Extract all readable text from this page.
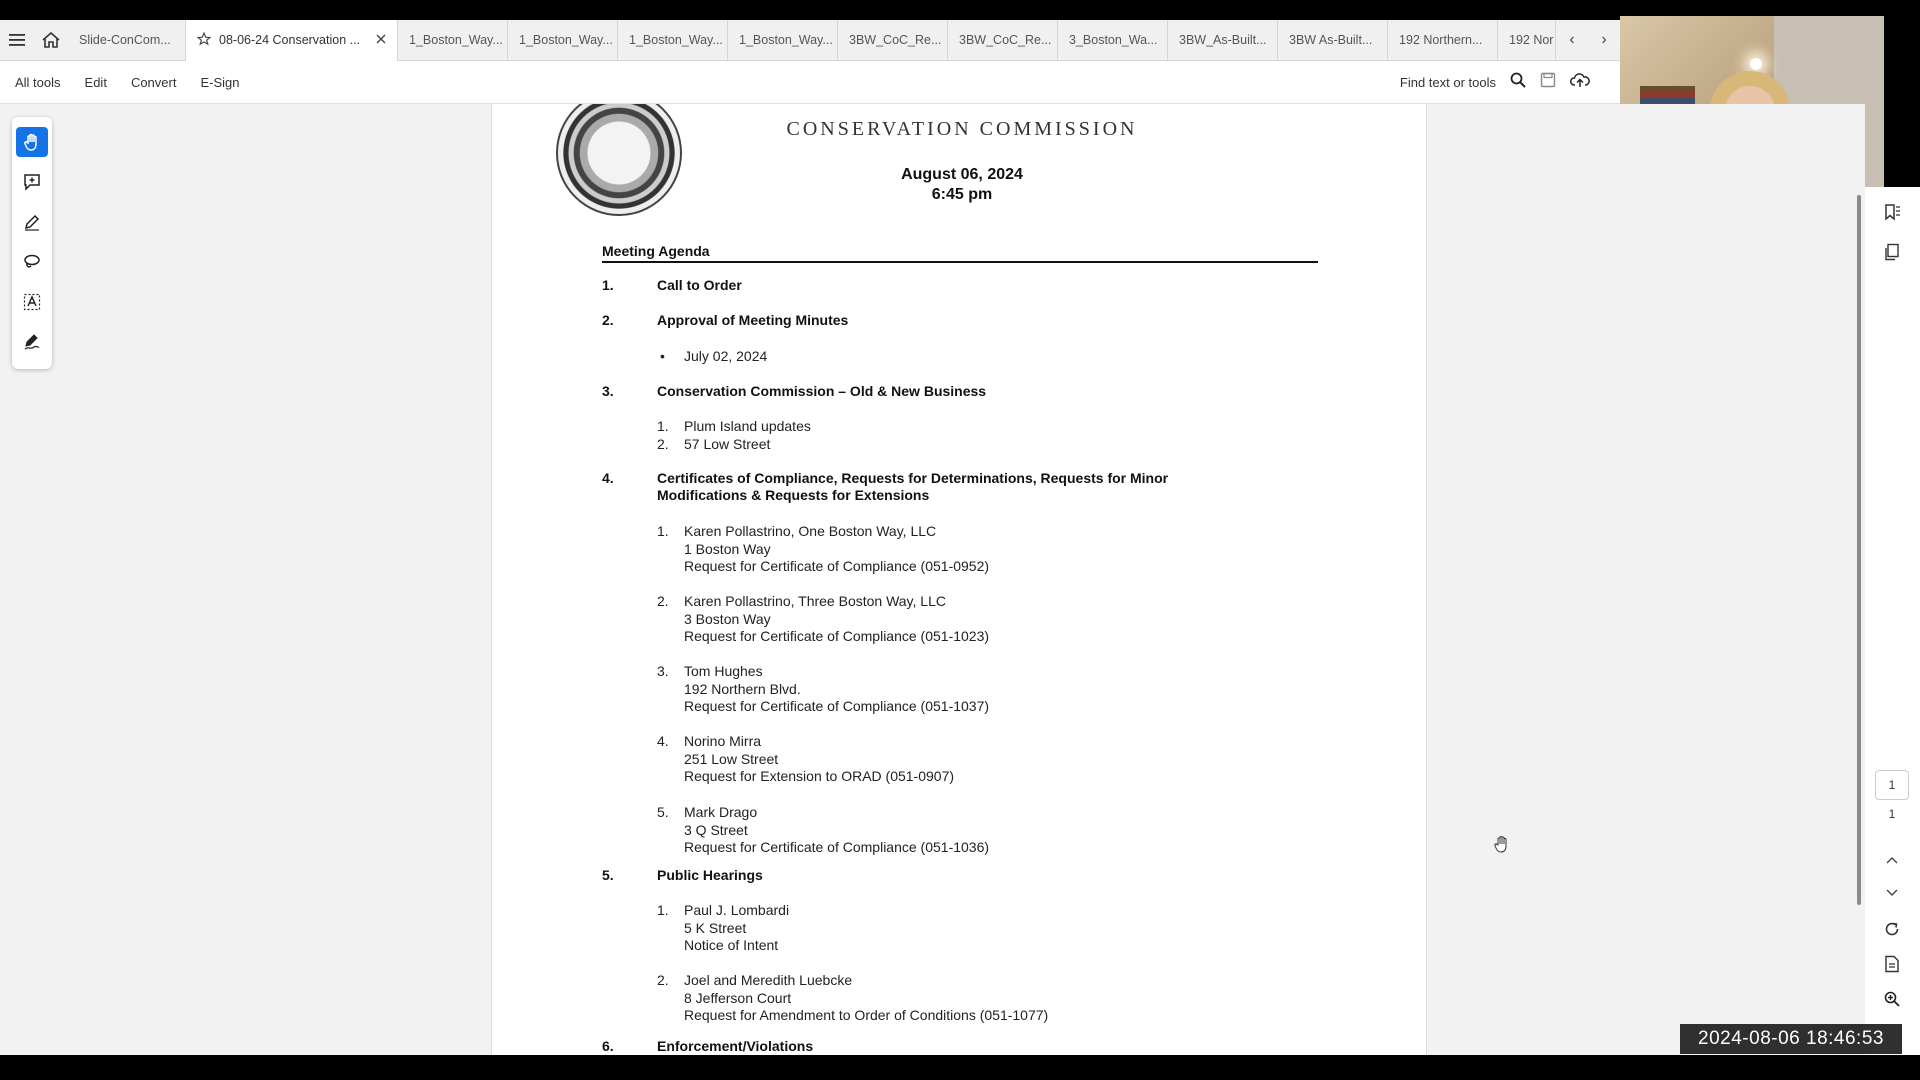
Slide-ConCom...	08-06-24 Conservation ...	1_Boston_Way... 1_Boston_Way... 1_Boston_Way... 1_Boston_Way... 3BW_CoC_Re... 3BW_CoC_Re... 3_Boston_Wa... 3BW_As-Built... 3BW As-Built... 192 Northern... 192 Nor ‹	›
All tools Edit Convert E-Sign	Find text or tools
CONSERVATION COMMISSION
August 06, 2024
6:45 pm
Meeting Agenda
1.	Call to Order
2.	Approval of Meeting Minutes
July 02, 2024
3.	Conservation Commission – Old & New Business
1.	Plum Island updates
2.	57 Low Street
4.	Certificates of Compliance, Requests for Determinations, Requests for Minor Modifications & Requests for Extensions
1.	Karen Pollastrino, One Boston Way, LLC
1 Boston Way
Request for Certificate of Compliance (051-0952)
2.	Karen Pollastrino, Three Boston Way, LLC
3 Boston Way
Request for Certificate of Compliance (051-1023)
3.	Tom Hughes
192 Northern Blvd.
Request for Certificate of Compliance (051-1037)
4.	Norino Mirra
251 Low Street
Request for Extension to ORAD (051-0907)
5.	Mark Drago
3 Q Street
Request for Certificate of Compliance (051-1036)
5.	Public Hearings
1.	Paul J. Lombardi
5 K Street
Notice of Intent
2.	Joel and Meredith Luebcke
8 Jefferson Court
Request for Amendment to Order of Conditions (051-1077)
6.	Enforcement/Violations
1
1
2024-08-06 18:46:53
